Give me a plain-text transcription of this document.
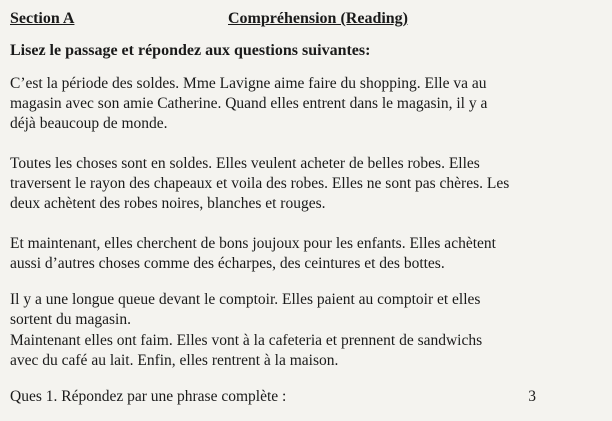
Section A	Compréhension (Reading)
Lisez le passage et répondez aux questions suivantes:
C’est la période des soldes. Mme Lavigne aime faire du shopping. Elle va au
magasin avec son amie Catherine. Quand elles entrent dans le magasin, il y a
déjà beaucoup de monde.
Toutes les choses sont en soldes. Elles veulent acheter de belles robes. Elles
traversent le rayon des chapeaux et voila des robes. Elles ne sont pas chères. Les
deux achètent des robes noires, blanches et rouges.
Et maintenant, elles cherchent de bons joujoux pour les enfants. Elles achètent
aussi d’autres choses comme des écharpes, des ceintures et des bottes.
Il y a une longue queue devant le comptoir. Elles paient au comptoir et elles
sortent du magasin.
Maintenant elles ont faim. Elles vont à la cafeteria et prennent de sandwichs
avec du café au lait. Enfin, elles rentrent à la maison.
Ques 1. Répondez par une phrase complète :	3
